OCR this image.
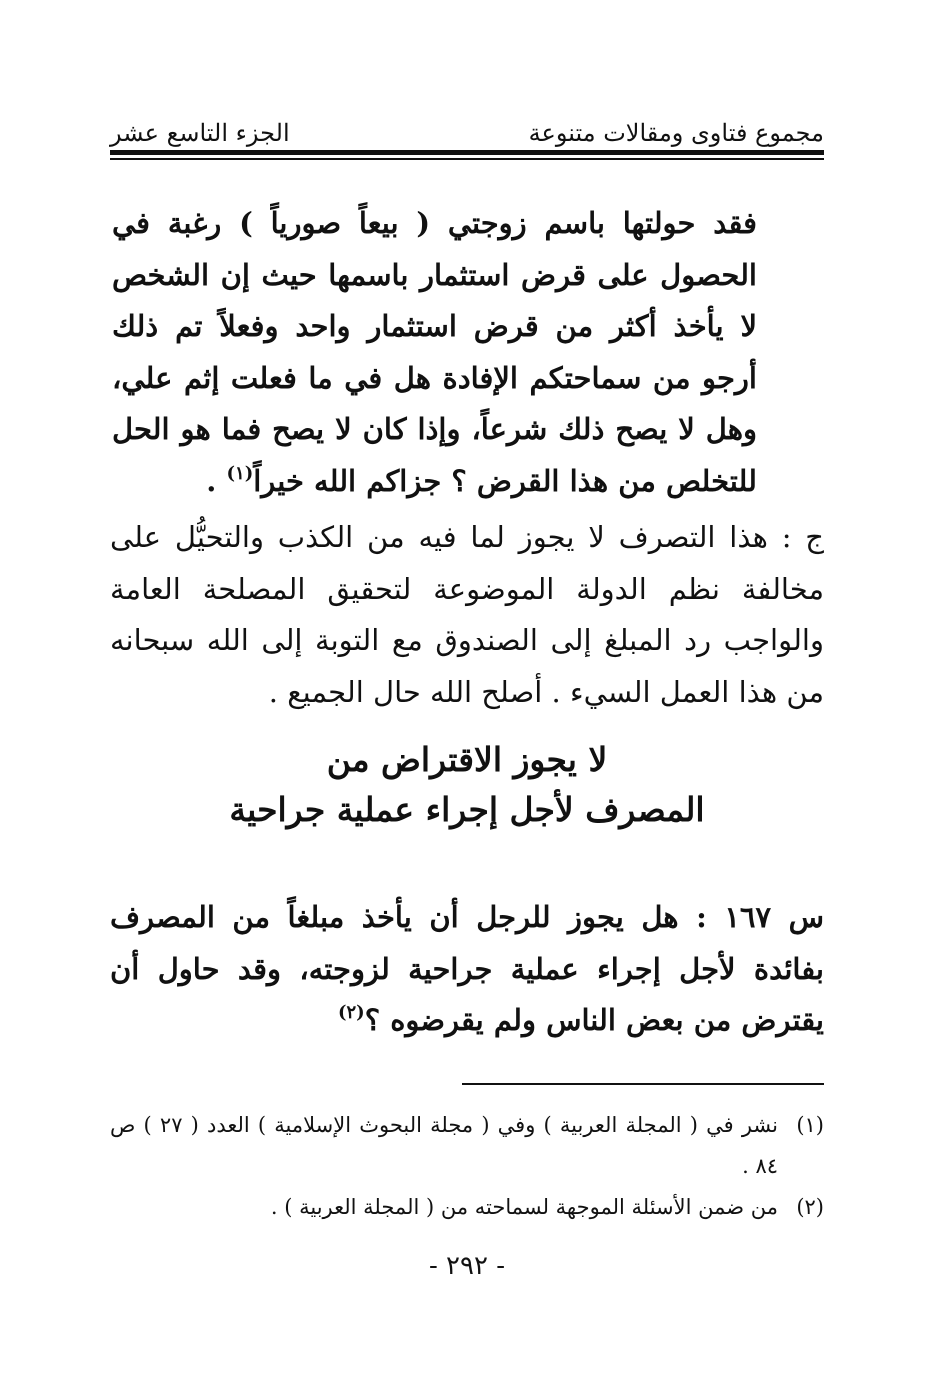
مجموع فتاوى ومقالات متنوعة
الجزء التاسع عشر
فقد حولتها باسم زوجتي ( بيعاً صورياً ) رغبة في الحصول على قرض استثمار باسمها حيث إن الشخص لا يأخذ أكثر من قرض استثمار واحد وفعلاً تم ذلك أرجو من سماحتكم الإفادة هل في ما فعلت إثم علي، وهل لا يصح ذلك شرعاً، وإذا كان لا يصح فما هو الحل للتخلص من هذا القرض ؟ جزاكم الله خيراً$^{(١)}$ .
ج : هذا التصرف لا يجوز لما فيه من الكذب والتحيُّل على مخالفة نظم الدولة الموضوعة لتحقيق المصلحة العامة والواجب رد المبلغ إلى الصندوق مع التوبة إلى الله سبحانه من هذا العمل السيء . أصلح الله حال الجميع .
لا يجوز الاقتراض من
المصرف لأجل إجراء عملية جراحية
س ١٦٧ : هل يجوز للرجل أن يأخذ مبلغاً من المصرف بفائدة لأجل إجراء عملية جراحية لزوجته، وقد حاول أن يقترض من بعض الناس ولم يقرضوه ؟$^{(٢)}$
(١)
نشر في ( المجلة العربية ) وفي ( مجلة البحوث الإسلامية ) العدد ( ٢٧ ) ص ٨٤ .
(٢)
من ضمن الأسئلة الموجهة لسماحته من ( المجلة العربية ) .
- ٢٩٢ -
